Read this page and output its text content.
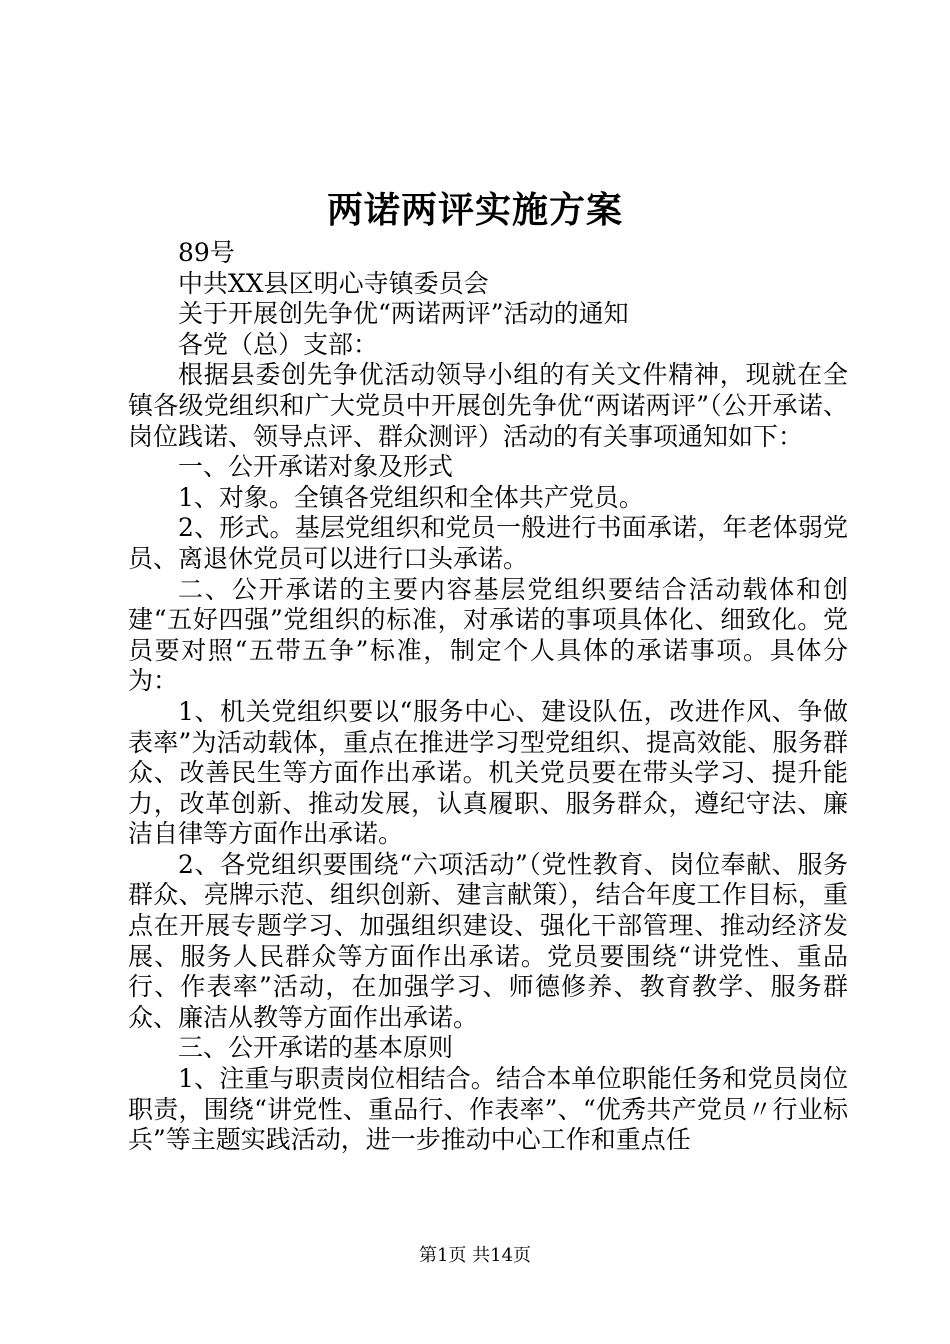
两诺两评实施方案

89号

中共XX县区明心寺镇委员会

关于开展创先争优“两诺两评”活动的通知

各党（总）支部：

根据县委创先争优活动领导小组的有关文件精神，现就在全镇各级党组织和广大党员中开展创先争优“两诺两评”（公开承诺、岗位践诺、领导点评、群众测评）活动的有关事项通知如下：

一、公开承诺对象及形式

1、对象。全镇各党组织和全体共产党员。

2、形式。基层党组织和党员一般进行书面承诺，年老体弱党员、离退休党员可以进行口头承诺。

二、公开承诺的主要内容基层党组织要结合活动载体和创建“五好四强”党组织的标准，对承诺的事项具体化、细致化。党员要对照“五带五争”标准，制定个人具体的承诺事项。具体分为：

1、机关党组织要以“服务中心、建设队伍，改进作风、争做表率”为活动载体，重点在推进学习型党组织、提高效能、服务群众、改善民生等方面作出承诺。机关党员要在带头学习、提升能力，改革创新、推动发展，认真履职、服务群众，遵纪守法、廉洁自律等方面作出承诺。

2、各党组织要围绕“六项活动”（党性教育、岗位奉献、服务群众、亮牌示范、组织创新、建言献策），结合年度工作目标，重点在开展专题学习、加强组织建设、强化干部管理、推动经济发展、服务人民群众等方面作出承诺。党员要围绕“讲党性、重品行、作表率”活动，在加强学习、师德修养、教育教学、服务群众、廉洁从教等方面作出承诺。

三、公开承诺的基本原则

1、注重与职责岗位相结合。结合本单位职能任务和党员岗位职责，围绕“讲党性、重品行、作表率”、“优秀共产党员〃行业标兵”等主题实践活动，进一步推动中心工作和重点任

第1页 共14页
